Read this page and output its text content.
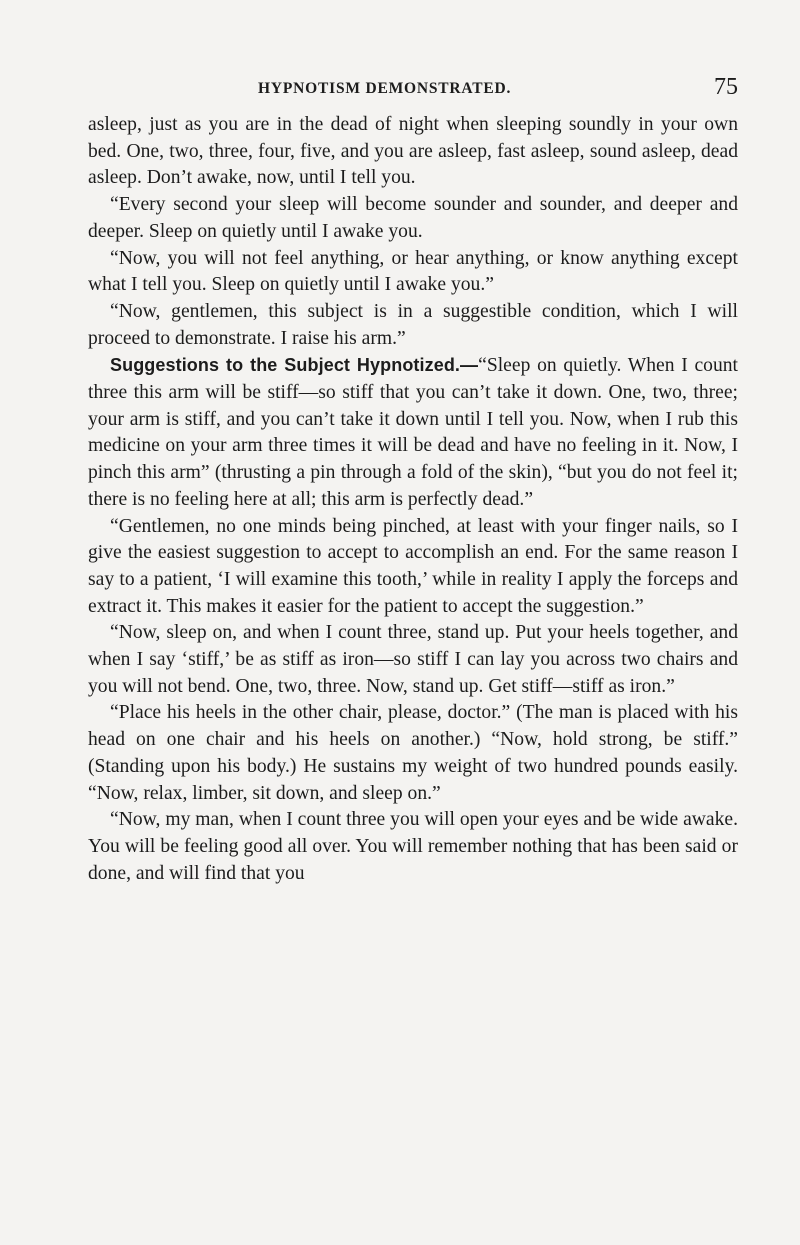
HYPNOTISM DEMONSTRATED.	75

asleep, just as you are in the dead of night when sleeping soundly in your own bed. One, two, three, four, five, and you are asleep, fast asleep, sound asleep, dead asleep. Don’t awake, now, until I tell you.

“Every second your sleep will become sounder and sounder, and deeper and deeper. Sleep on quietly until I awake you.

“Now, you will not feel anything, or hear anything, or know anything except what I tell you. Sleep on quietly until I awake you.”

“Now, gentlemen, this subject is in a suggestible condition, which I will proceed to demonstrate. I raise his arm.”

Suggestions to the Subject Hypnotized.—“Sleep on quietly. When I count three this arm will be stiff—so stiff that you can’t take it down. One, two, three; your arm is stiff, and you can’t take it down until I tell you. Now, when I rub this medicine on your arm three times it will be dead and have no feeling in it. Now, I pinch this arm” (thrusting a pin through a fold of the skin), “but you do not feel it; there is no feeling here at all; this arm is perfectly dead.”

“Gentlemen, no one minds being pinched, at least with your finger nails, so I give the easiest suggestion to accept to accomplish an end. For the same reason I say to a patient, ‘I will examine this tooth,’ while in reality I apply the forceps and extract it. This makes it easier for the patient to accept the suggestion.”

“Now, sleep on, and when I count three, stand up. Put your heels together, and when I say ‘stiff,’ be as stiff as iron—so stiff I can lay you across two chairs and you will not bend. One, two, three. Now, stand up. Get stiff—stiff as iron.”

“Place his heels in the other chair, please, doctor.” (The man is placed with his head on one chair and his heels on another.) “Now, hold strong, be stiff.” (Standing upon his body.) He sustains my weight of two hundred pounds easily. “Now, relax, limber, sit down, and sleep on.”

“Now, my man, when I count three you will open your eyes and be wide awake. You will be feeling good all over. You will remember nothing that has been said or done, and will find that you
